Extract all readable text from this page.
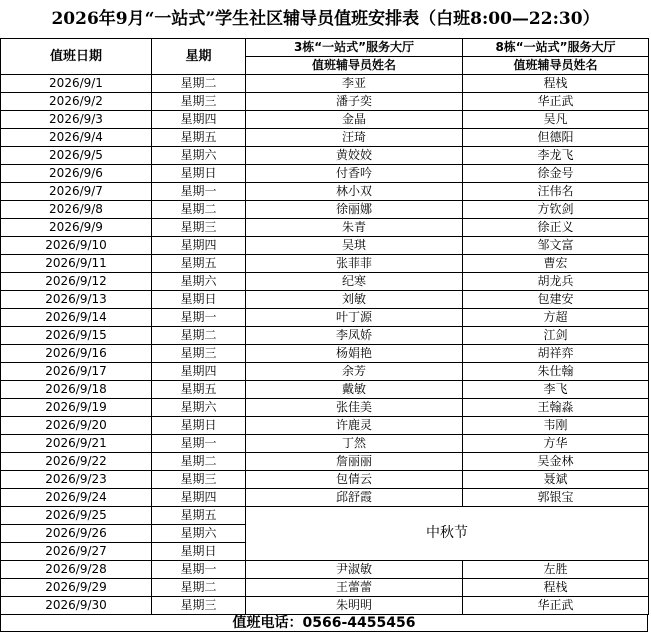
2026年9月“一站式”学生社区辅导员值班安排表（白班8:00—22:30）
值班日期	星期	3栋“一站式”服务大厅	8栋“一站式”服务大厅
		值班辅导员姓名	值班辅导员姓名
2026/9/1	星期二	李亚	程栈
2026/9/2	星期三	潘子奕	华正武
2026/9/3	星期四	金晶	吴凡
2026/9/4	星期五	汪琦	但德阳
2026/9/5	星期六	黄姣姣	李龙飞
2026/9/6	星期日	付香吟	徐金号
2026/9/7	星期一	林小双	汪伟名
2026/9/8	星期二	徐丽娜	方钦剑
2026/9/9	星期三	朱青	徐正义
2026/9/10	星期四	吴琪	邹文富
2026/9/11	星期五	张菲菲	曹宏
2026/9/12	星期六	纪寒	胡龙兵
2026/9/13	星期日	刘敏	包建安
2026/9/14	星期一	叶丁源	方超
2026/9/15	星期二	李凤娇	江剑
2026/9/16	星期三	杨娟艳	胡祥弈
2026/9/17	星期四	余芳	朱仕翰
2026/9/18	星期五	戴敏	李飞
2026/9/19	星期六	张佳美	王翰淼
2026/9/20	星期日	许鹿灵	韦刚
2026/9/21	星期一	丁然	方华
2026/9/22	星期二	詹丽丽	吴金林
2026/9/23	星期三	包倩云	聂斌
2026/9/24	星期四	邱舒霞	郭银宝
2026/9/25	星期五	中秋节	
2026/9/26	星期六		
2026/9/27	星期日		
2026/9/28	星期一	尹淑敏	左胜
2026/9/29	星期二	王蕾蕾	程栈
2026/9/30	星期三	朱明明	华正武
值班电话：0566-4455456
